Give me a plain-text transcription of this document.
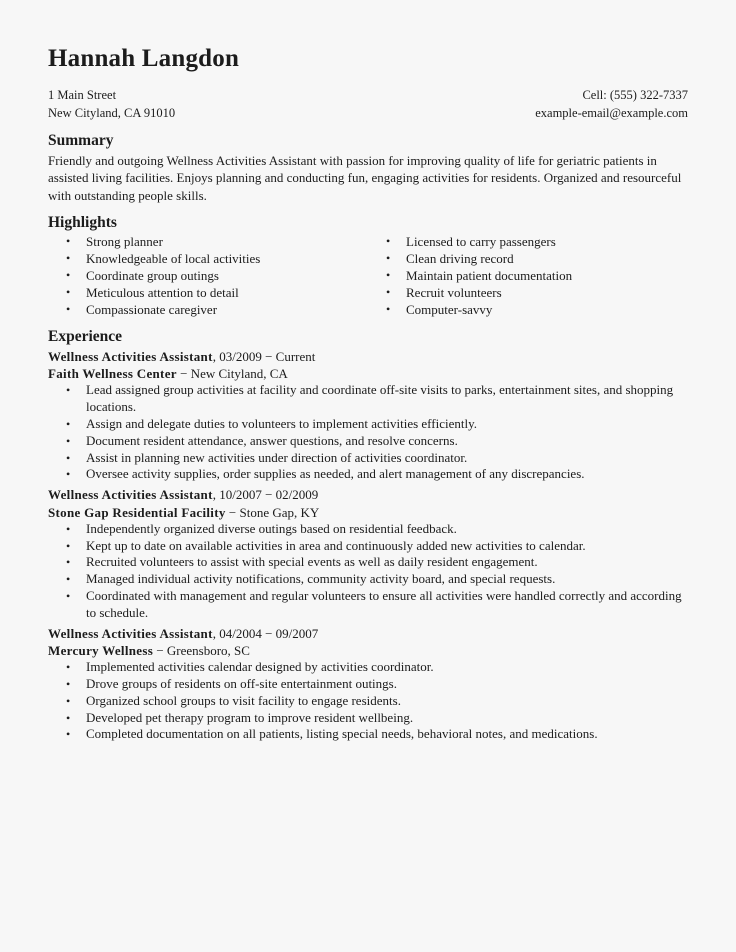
Hannah Langdon
1 Main Street
New Cityland, CA 91010
Cell: (555) 322-7337
example-email@example.com
Summary
Friendly and outgoing Wellness Activities Assistant with passion for improving quality of life for geriatric patients in assisted living facilities. Enjoys planning and conducting fun, engaging activities for residents. Organized and resourceful with outstanding people skills.
Highlights
• Strong planner
• Knowledgeable of local activities
• Coordinate group outings
• Meticulous attention to detail
• Compassionate caregiver
• Licensed to carry passengers
• Clean driving record
• Maintain patient documentation
• Recruit volunteers
• Computer-savvy
Experience
Wellness Activities Assistant, 03/2009 − Current
Faith Wellness Center − New Cityland, CA
• Lead assigned group activities at facility and coordinate off-site visits to parks, entertainment sites, and shopping locations.
• Assign and delegate duties to volunteers to implement activities efficiently.
• Document resident attendance, answer questions, and resolve concerns.
• Assist in planning new activities under direction of activities coordinator.
• Oversee activity supplies, order supplies as needed, and alert management of any discrepancies.
Wellness Activities Assistant, 10/2007 − 02/2009
Stone Gap Residential Facility − Stone Gap, KY
• Independently organized diverse outings based on residential feedback.
• Kept up to date on available activities in area and continuously added new activities to calendar.
• Recruited volunteers to assist with special events as well as daily resident engagement.
• Managed individual activity notifications, community activity board, and special requests.
• Coordinated with management and regular volunteers to ensure all activities were handled correctly and according to schedule.
Wellness Activities Assistant, 04/2004 − 09/2007
Mercury Wellness − Greensboro, SC
• Implemented activities calendar designed by activities coordinator.
• Drove groups of residents on off-site entertainment outings.
• Organized school groups to visit facility to engage residents.
• Developed pet therapy program to improve resident wellbeing.
• Completed documentation on all patients, listing special needs, behavioral notes, and medications.
